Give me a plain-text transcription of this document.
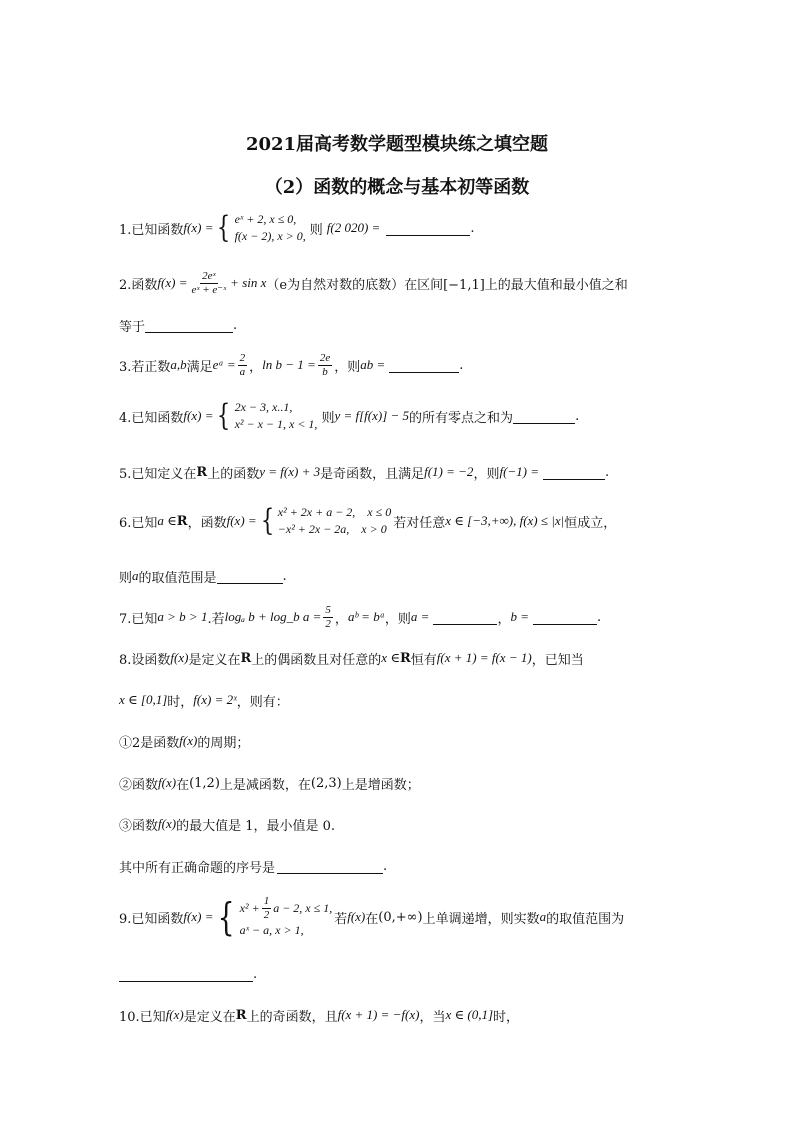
2021届高考数学题型模块练之填空题
（2）函数的概念与基本初等函数
1.已知函数 f(x) = { eˣ + 2, x ≤ 0,
f(x − 2), x > 0, 则 f(2 020) =	.
2.函数 $f(x) = \frac{\text{2eˣ}}{\text{eˣ + e⁻ˣ}} + \sin x$ （e为自然对数的底数）在区间[−1,1]上的最大值和最小值之和
等于	.
3.若正数 a,b 满足 eᵃ = $\frac{2}{a}$ ， $\ln b - 1 = \frac{2e}{b}$ ，则 ab =	.
4.已知函数 f(x) = { 2x − 3, x..1,
x² − x − 1, x < 1, 则 y = f[f(x)] − 5 的所有零点之和为	.
5.已知定义在 R 上的函数 y = f(x) + 3 是奇函数，且满足 f(1) = −2 ，则 f(−1) =	.
6.已知 a ∈ R ，函数 f(x) = { x² + 2x + a − 2,    x ≤ 0
−x² + 2x − 2a,    x > 0 若对任意 x ∈ [−3,+∞), f(x) ≤ |x| 恒成立，
则 a 的取值范围是	.
7.已知 a > b > 1 .若 logₐ b + log_b $a = \frac{5}{2}$ ， aᵇ = bᵃ ，则 a =	， b =	.
8.设函数 f(x) 是定义在 R 上的偶函数且对任意的 x ∈ R 恒有 f(x + 1) = f(x − 1) ，已知当
x ∈ [0,1] 时， f(x) = 2ˣ ，则有：
①2是函数 f(x) 的周期；
②函数 f(x) 在 (1,2) 上是减函数，在 (2,3) 上是增函数；
③函数 f(x) 的最大值是 1，最小值是 0.
其中所有正确命题的序号是	.
9.已知函数 f(x) = { $x^2 + \frac{1}{2}$ a − 2, x ≤ 1,
aˣ − a, x > 1,
若 f(x) 在 (0,+∞) 上单调递增，则实数 a 的取值范围为
.
10.已知 f(x) 是定义在 R 上的奇函数，且 f(x + 1) = −f(x) ，当 x ∈ (0,1] 时，
